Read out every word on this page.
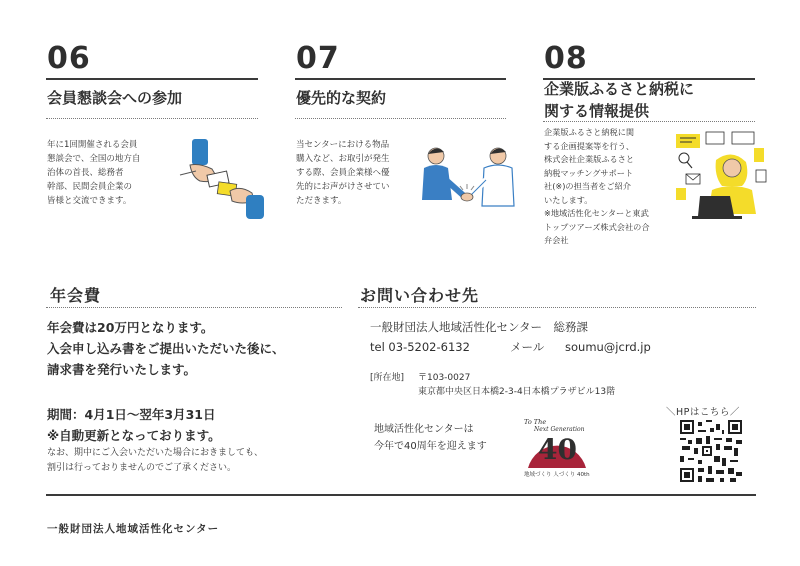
06
会員懇談会への参加
年に1回開催される会員
懇談会で、全国の地方自
治体の首長、総務者
幹部、民間会員企業の
皆様と交流できます。
07
優先的な契約
当センターにおける物品
購入など、お取引が発生
する際、会員企業様へ優
先的にお声がけさせてい
ただきます。
08
企業版ふるさと納税に
関する情報提供
企業版ふるさと納税に関
する企画提案等を行う、
株式会社企業版ふるさと
納税マッチングサポート
社(※)の担当者をご紹介
いたします。
※地域活性化センターと東武
トップツアーズ株式会社の合
弁会社
年会費
年会費は20万円となります。
入会申し込み書をご提出いただいた後に、
請求書を発行いたします。
期間：4月1日～翌年3月31日
※自動更新となっております。
なお、期中にご入会いただいた場合におきましても、
割引は行っておりませんのでご了承ください。
お問い合わせ先
一般財団法人地域活性化センター　総務課
tel 03-5202-6132	メール soumu@jcrd.jp
[所在地] 〒103-0027
東京都中央区日本橋2-3-4日本橋プラザビル13階
地域活性化センターは
今年で40周年を迎えます
To The
Next Generation
40
地域づくり 人づくり 40th
＼HPはこちら／
一般財団法人地域活性化センター
